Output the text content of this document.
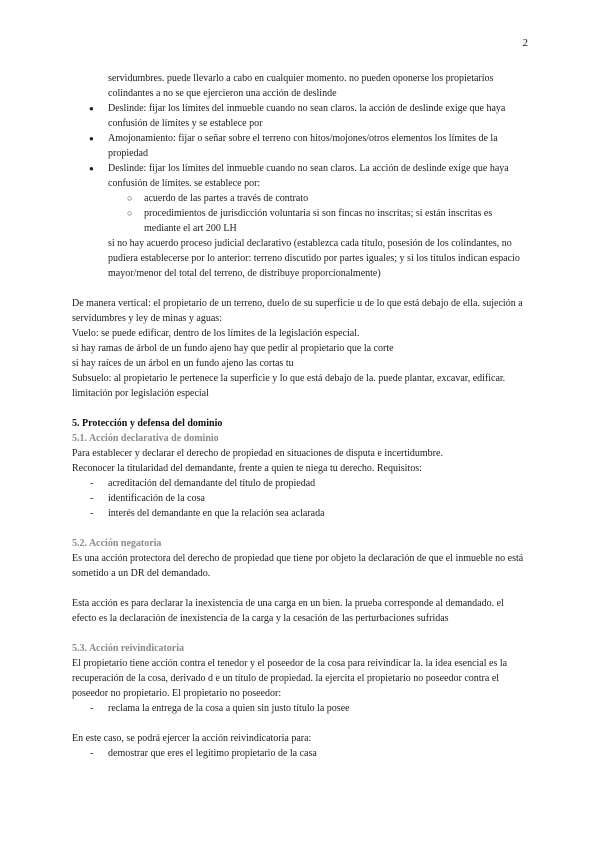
2

servidumbres. puede llevarlo a cabo en cualquier momento. no pueden oponerse los propietarios colindantes a no se que ejercieron una acción de deslinde

● Deslinde: fijar los límites del inmueble cuando no sean claros. la acción de deslinde exige que haya confusión de límites y se establece por
● Amojonamiento: fijar o señar sobre el terreno con hitos/mojones/otros elementos los límites de la propiedad
● Deslinde: fijar los límites del inmueble cuando no sean claros. La acción de deslinde exige que haya confusión de límites. se establece por:
○ acuerdo de las partes a través de contrato
○ procedimientos de jurisdicción voluntaria si son fincas no inscritas; si están inscritas es mediante el art 200 LH

si no hay acuerdo proceso judicial declarativo (establezca cada título, posesión de los colindantes, no pudiera establecerse por lo anterior: terreno discutido por partes iguales; y si los títulos indican espacio mayor/menor del total del terreno, de distribuye proporcionalmente)

De manera vertical: el propietario de un terreno, duelo de su superficie u de lo que está debajo de ella. sujeción a servidumbres y ley de minas y aguas:

Vuelo: se puede edificar, dentro de los límites de la legislación especial.

si hay ramas de árbol de un fundo ajeno hay que pedir al propietario que la corte

si hay raíces de un árbol en un fundo ajeno las cortas tu

Subsuelo: al propietario le pertenece la superficie y lo que está debajo de la. puede plantar, excavar, edificar. limitación por legislación especial

5. Protección y defensa del dominio
5.1. Acción declarativa de dominio

Para establecer y declarar el derecho de propiedad en situaciones de disputa e incertidumbre.

Reconocer la titularidad del demandante, frente a quien te niega tu derecho. Requisitos:

- acreditación del demandante del título de propiedad
- identificación de la cosa
- interés del demandante en que la relación sea aclarada
5.2. Acción negatoria

Es una acción protectora del derecho de propiedad que tiene por objeto la declaración de que el inmueble no está sometido a un DR del demandado.

Esta acción es para declarar la inexistencia de una carga en un bien. la prueba corresponde al demandado. el efecto es la declaración de inexistencia de la carga y la cesación de las perturbaciones sufridas

5.3. Acción reivindicatoria

El propietario tiene acción contra el tenedor y el poseedor de la cosa para reivindicar la. la idea esencial es la recuperación de la cosa, derivado d e un título de propiedad. la ejercita el propietario no poseedor contra el poseedor no propietario. El propietario no poseedor:

- reclama la entrega de la cosa a quien sin justo título la posee

En este caso, se podrá ejercer la acción reivindicatoria para:

- demostrar que eres el legítimo propietario de la casa
